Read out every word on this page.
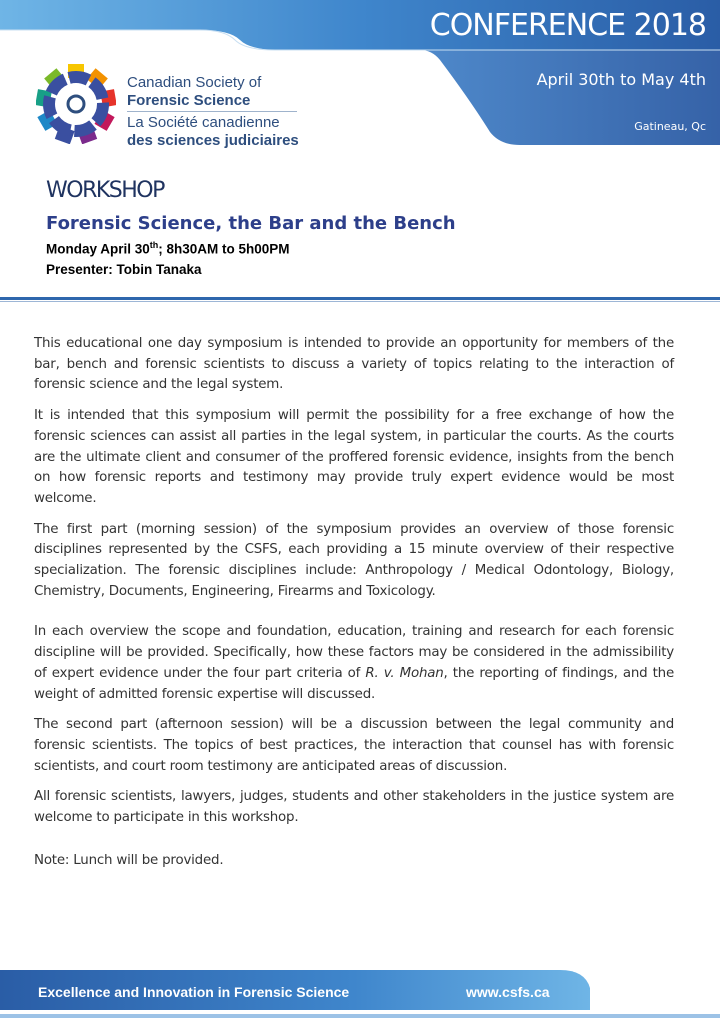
CONFERENCE 2018
April 30th to May 4th
Gatineau, Qc
Canadian Society of
Forensic Science
La Société canadienne
des sciences judiciaires
WORKSHOP
Forensic Science, the Bar and the Bench
Monday April 30th; 8h30AM to 5h00PM
Presenter: Tobin Tanaka

This educational one day symposium is intended to provide an opportunity for members of the bar, bench and forensic scientists to discuss a variety of topics relating to the interaction of forensic science and the legal system.

It is intended that this symposium will permit the possibility for a free exchange of how the forensic sciences can assist all parties in the legal system, in particular the courts. As the courts are the ultimate client and consumer of the proffered forensic evidence, insights from the bench on how forensic reports and testimony may provide truly expert evidence would be most welcome.

The first part (morning session) of the symposium provides an overview of those forensic disciplines represented by the CSFS, each providing a 15 minute overview of their respective specialization. The forensic disciplines include: Anthropology / Medical Odontology, Biology, Chemistry, Documents, Engineering, Firearms and Toxicology.

In each overview the scope and foundation, education, training and research for each forensic discipline will be provided. Specifically, how these factors may be considered in the admissibility of expert evidence under the four part criteria of R. v. Mohan, the reporting of findings, and the weight of admitted forensic expertise will discussed.

The second part (afternoon session) will be a discussion between the legal community and forensic scientists. The topics of best practices, the interaction that counsel has with forensic scientists, and court room testimony are anticipated areas of discussion.

All forensic scientists, lawyers, judges, students and other stakeholders in the justice system are welcome to participate in this workshop.

Note: Lunch will be provided.

Excellence and Innovation in Forensic Science	www.csfs.ca
